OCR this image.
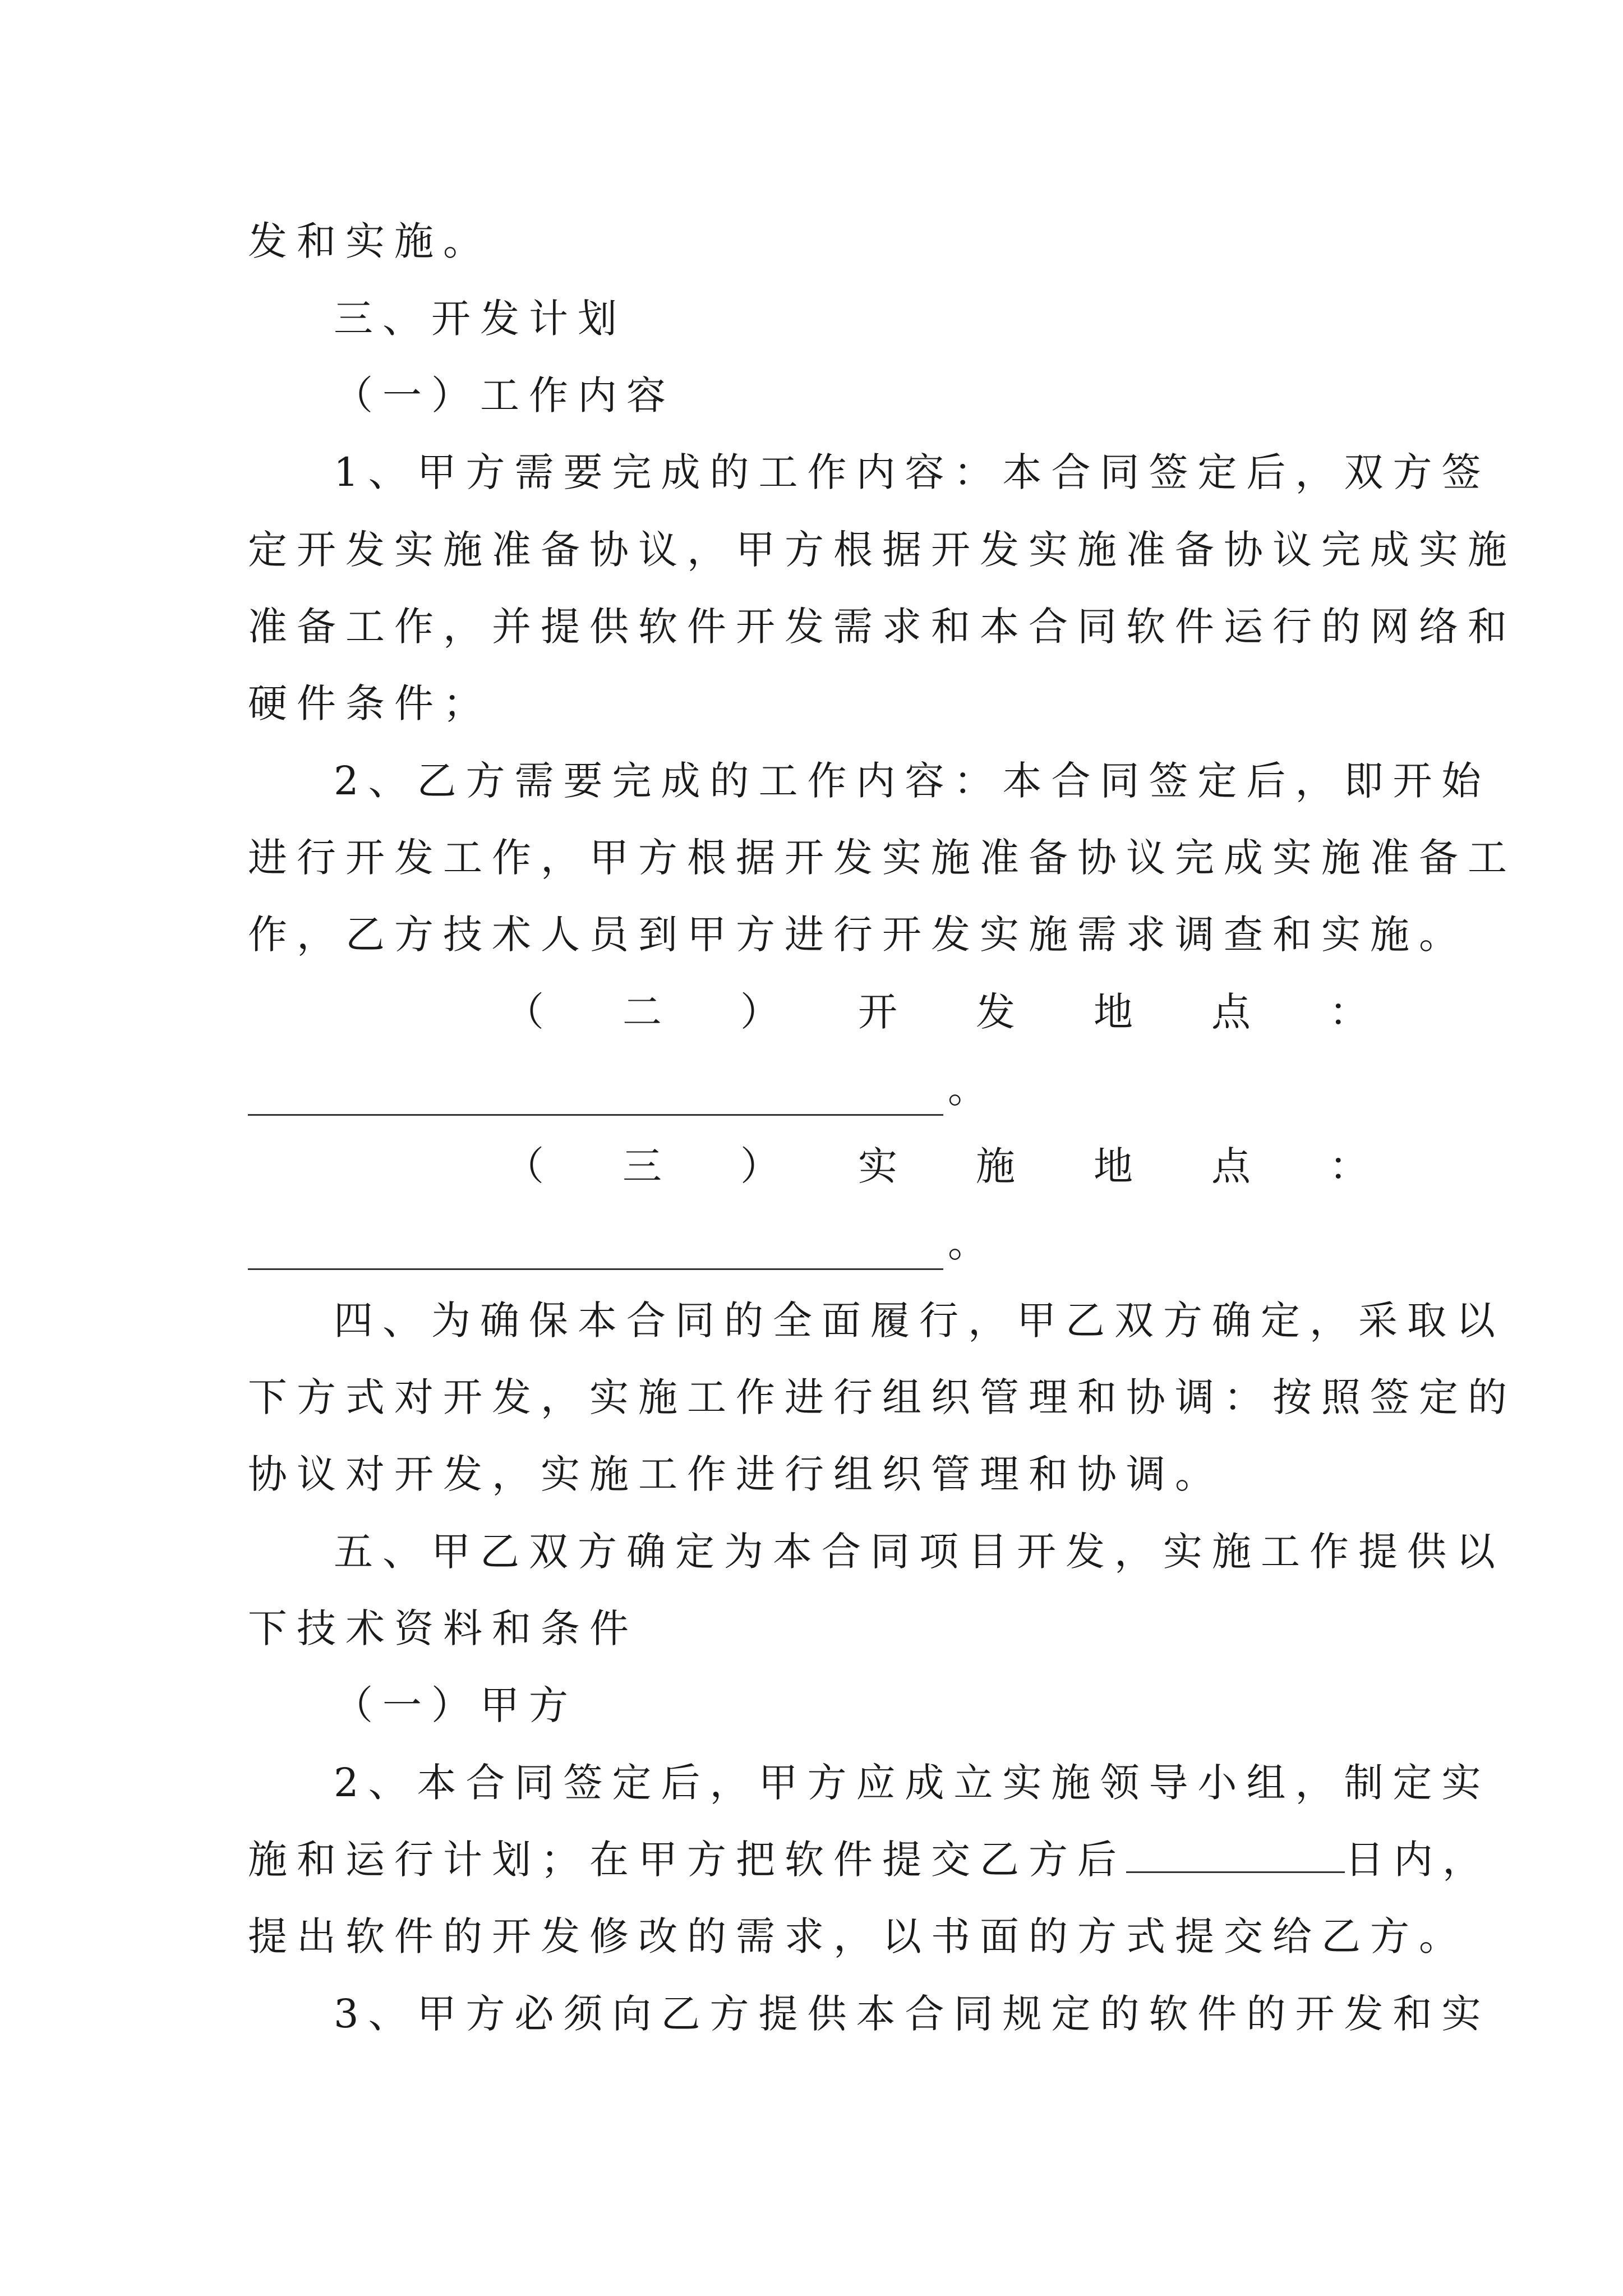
发和实施。
三、开发计划
（一）工作内容
1、甲方需要完成的工作内容：本合同签定后，双方签
定开发实施准备协议，甲方根据开发实施准备协议完成实施
准备工作，并提供软件开发需求和本合同软件运行的网络和
硬件条件；
2、乙方需要完成的工作内容：本合同签定后，即开始
进行开发工作，甲方根据开发实施准备协议完成实施准备工
作，乙方技术人员到甲方进行开发实施需求调查和实施。
（ 二 ） 开 发 地 点 ：
。
（ 三 ） 实 施 地 点 ：
。
四、为确保本合同的全面履行，甲乙双方确定，采取以
下方式对开发，实施工作进行组织管理和协调：按照签定的
协议对开发，实施工作进行组织管理和协调。
五、甲乙双方确定为本合同项目开发，实施工作提供以
下技术资料和条件
（一）甲方
2、本合同签定后，甲方应成立实施领导小组，制定实
施和运行计划；在甲方把软件提交乙方后	日内，
提出软件的开发修改的需求，以书面的方式提交给乙方。
3、甲方必须向乙方提供本合同规定的软件的开发和实
